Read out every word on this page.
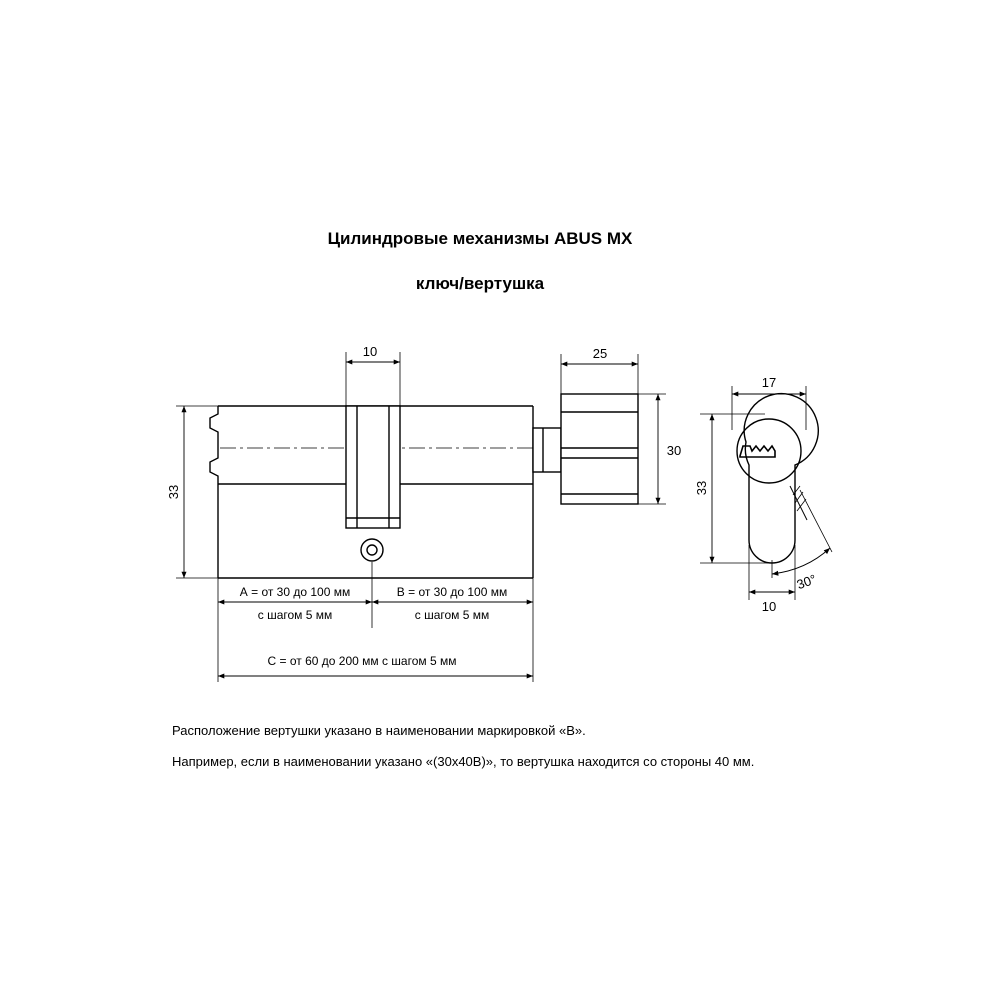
Цилиндровые механизмы ABUS MX
ключ/вертушка
10	25
30
33
17
33
10
30°
А = от 30 до 100 мм
с шагом 5 мм
В = от 30 до 100 мм
с шагом 5 мм
С = от 60 до 200 мм с шагом 5 мм
Расположение вертушки указано в наименовании маркировкой «В».
Например, если в наименовании указано «(30х40В)», то вертушка находится со стороны 40 мм.
